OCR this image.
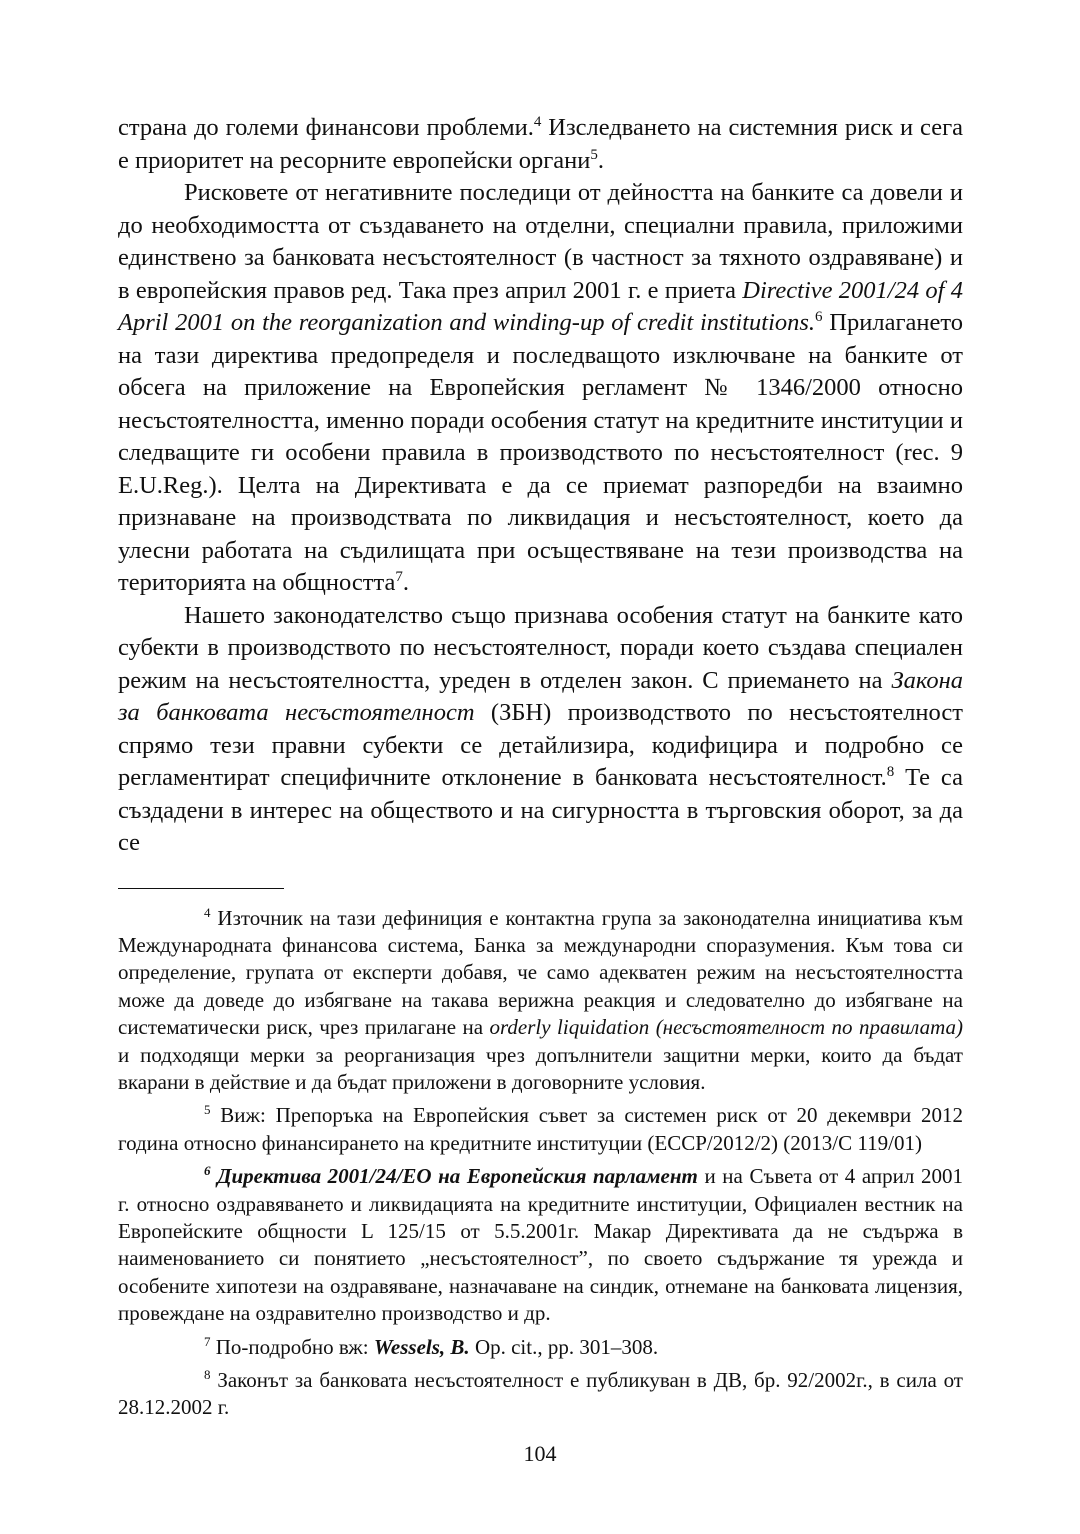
страна до големи финансови проблеми.$^4$ Изследването на системния риск и сега е приоритет на ресорните европейски органи$^5$.

Рисковете от негативните последици от дейността на банките са довели и до необходимостта от създаването на отделни, специални правила, приложими единствено за банковата несъстоятелност (в частност за тяхното оздравяване) и в европейския правов ред. Така през април 2001 г. е приета Directive 2001/24 of 4 April 2001 on the reorganization and winding-up of credit institutions.$^6$ Прилагането на тази директива предопределя и последващото изключване на банките от обсега на приложение на Европейския регламент № 1346/2000 относно несъстоятелността, именно поради особения статут на кредитните институции и следващите ги особени правила в производството по несъстоятелност (rec. 9 E.U.Reg.). Целта на Директивата е да се приемат разпоредби на взаимно признаване на производствата по ликвидация и несъстоятелност, което да улесни работата на съдилищата при осъществяване на тези производства на територията на общността$^7$.

Нашето законодателство също признава особения статут на банките като субекти в производството по несъстоятелност, поради което създава специален режим на несъстоятелността, уреден в отделен закон. С приемането на Закона за банковата несъстоятелност (ЗБН) производството по несъстоятелност спрямо тези правни субекти се детайлизира, кодифицира и подробно се регламентират специфичните отклонение в банковата несъстоятелност.$^8$ Те са създадени в интерес на обществото и на сигурността в търговския оборот, за да се

$^4$ Източник на тази дефиниция е контактна група за законодателна инициатива към Международната финансова система, Банка за международни споразумения. Към това си определение, групата от експерти добавя, че само адекватен режим на несъстоятелността може да доведе до избягване на такава верижна реакция и следователно до избягване на систематически риск, чрез прилагане на orderly liquidation (несъстоятелност по правилата) и подходящи мерки за реорганизация чрез допълнители защитни мерки, които да бъдат вкарани в действие и да бъдат приложени в договорните условия.

$^5$ Виж: Препоръка на Европейския съвет за системен риск от 20 декември 2012 година относно финансирането на кредитните институции (ЕССР/2012/2) (2013/С 119/01)

$^6$ Директива 2001/24/ЕО на Европейския парламент и на Съвета от 4 април 2001 г. относно оздравяването и ликвидацията на кредитните институции, Официален вестник на Европейските общности L 125/15 от 5.5.2001г. Макар Директивата да не съдържа в наименованието си понятието „несъстоятелност”, по своето съдържание тя урежда и особените хипотези на оздравяване, назначаване на синдик, отнемане на банковата лицензия, провеждане на оздравително производство и др.

$^7$ По-подробно вж: Wessels, B. Op. cit., pp. 301–308.

$^8$ Законът за банковата несъстоятелност е публикуван в ДВ, бр. 92/2002г., в сила от 28.12.2002 г.

104
